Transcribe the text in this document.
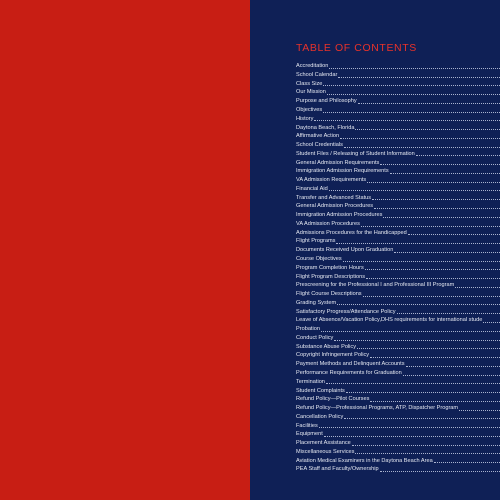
TABLE OF CONTENTS
Accreditation
School Calendar
Class Size
Our Mission
Purpose and Philosophy
Objectives
History
Daytona Beach, Florida
Affirmative Action
School Credentials
Student Files / Releasing of Student Information
General Admission Requirements
Immigration Admission Requirements
VA Admission Requirements
Financial Aid
Transfer and Advanced Status
General Admission Procedures
Immigration Admission Procedures
VA Admission Procedures
Admissions Procedures for the Handicapped
Flight Programs
Documents Received Upon Graduation
Course Objectives
Program Completion Hours
Flight Program Descriptions
Prescreening for the Professional I and Professional III Program
Flight Course Descriptions
Grading System
Satisfactory Progress/Attendance Policy
Leave of Absence/Vacation Policy,DHS requirements for international stude
Probation
Conduct Policy
Substance Abuse Policy
Copyright Infringement Policy
Payment Methods and Delinquent Accounts
Performance Requirements for Graduation
Termination
Student Complaints
Refund Policy—Pilot Courses
Refund Policy—Professional Programs, ATP, Dispatcher Program
Cancellation Policy
Facilities
Equipment
Placement Assistance
Miscellaneous Services
Aviation Medical Examiners in the Daytona Beach Area
PEA Staff and Faculty/Ownership
